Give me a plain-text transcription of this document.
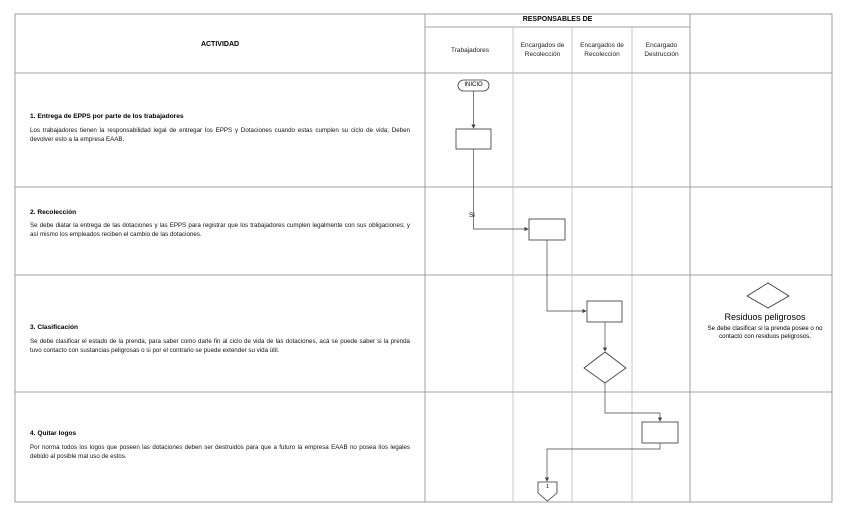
ACTIVIDAD
RESPONSABLES DE
Trabajadores
Encargados de Recolección
Encargados de Recolección
Encargado Destrucción
1. Entrega de EPPS por parte de los trabajadores
Los trabajadores tienen la responsabilidad legal de entregar los EPPS y Dotaciones cuando estas cumplen su ciclo de vida; Deben devolver esto a la empresa EAAB.
2. Recolección
Se debe diatar la entrega de las dotaciones y las EPPS para registrar que los trabajadores cumplen legalmente con sus obligaciones; y así mismo los empleados reciben el cambio de las dotaciones.
3. Clasificación
Se debe clasificar el estado de la prenda, para saber como darle fin al ciclo de vida de las dotaciones, acá se puede saber si la prenda tuvo contacto con sustancias peligrosas o si por el contrario se puede extender su vida útil.
4. Quitar logos
Por norma todos los logos que poseen las dotaciones deben ser destruidos para que a futuro la empresa EAAB no posea líos legales debido al posible mal uso de estos.
INICIO
Si
1
Residuos peligrosos
Se debe clasificar si la prenda posee o no contacto con residuos peligrosos.
